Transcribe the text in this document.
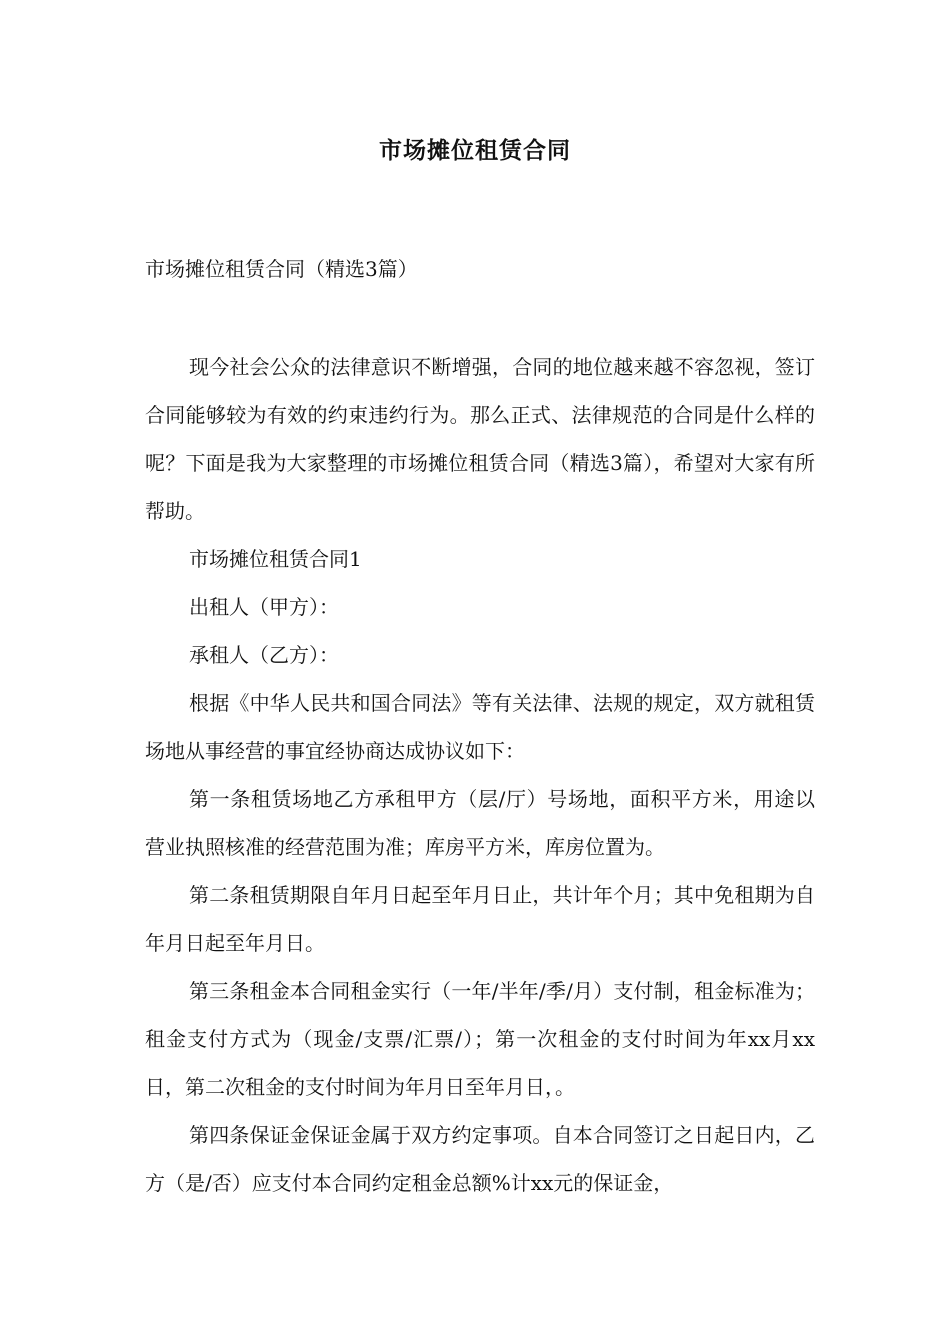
市场摊位租赁合同
市场摊位租赁合同（精选3篇）

现今社会公众的法律意识不断增强，合同的地位越来越不容忽视，签订合同能够较为有效的约束违约行为。那么正式、法律规范的合同是什么样的呢？下面是我为大家整理的市场摊位租赁合同（精选3篇），希望对大家有所帮助。

市场摊位租赁合同1

出租人（甲方）：

承租人（乙方）：

根据《中华人民共和国合同法》等有关法律、法规的规定，双方就租赁场地从事经营的事宜经协商达成协议如下：

第一条租赁场地乙方承租甲方（层/厅）号场地，面积平方米，用途以营业执照核准的经营范围为准；库房平方米，库房位置为。

第二条租赁期限自年月日起至年月日止，共计年个月；其中免租期为自年月日起至年月日。

第三条租金本合同租金实行（一年/半年/季/月）支付制，租金标准为；租金支付方式为（现金/支票/汇票/）；第一次租金的支付时间为年xx月xx日，第二次租金的支付时间为年月日至年月日，。

第四条保证金保证金属于双方约定事项。自本合同签订之日起日内，乙方（是/否）应支付本合同约定租金总额%计xx元的保证金，
